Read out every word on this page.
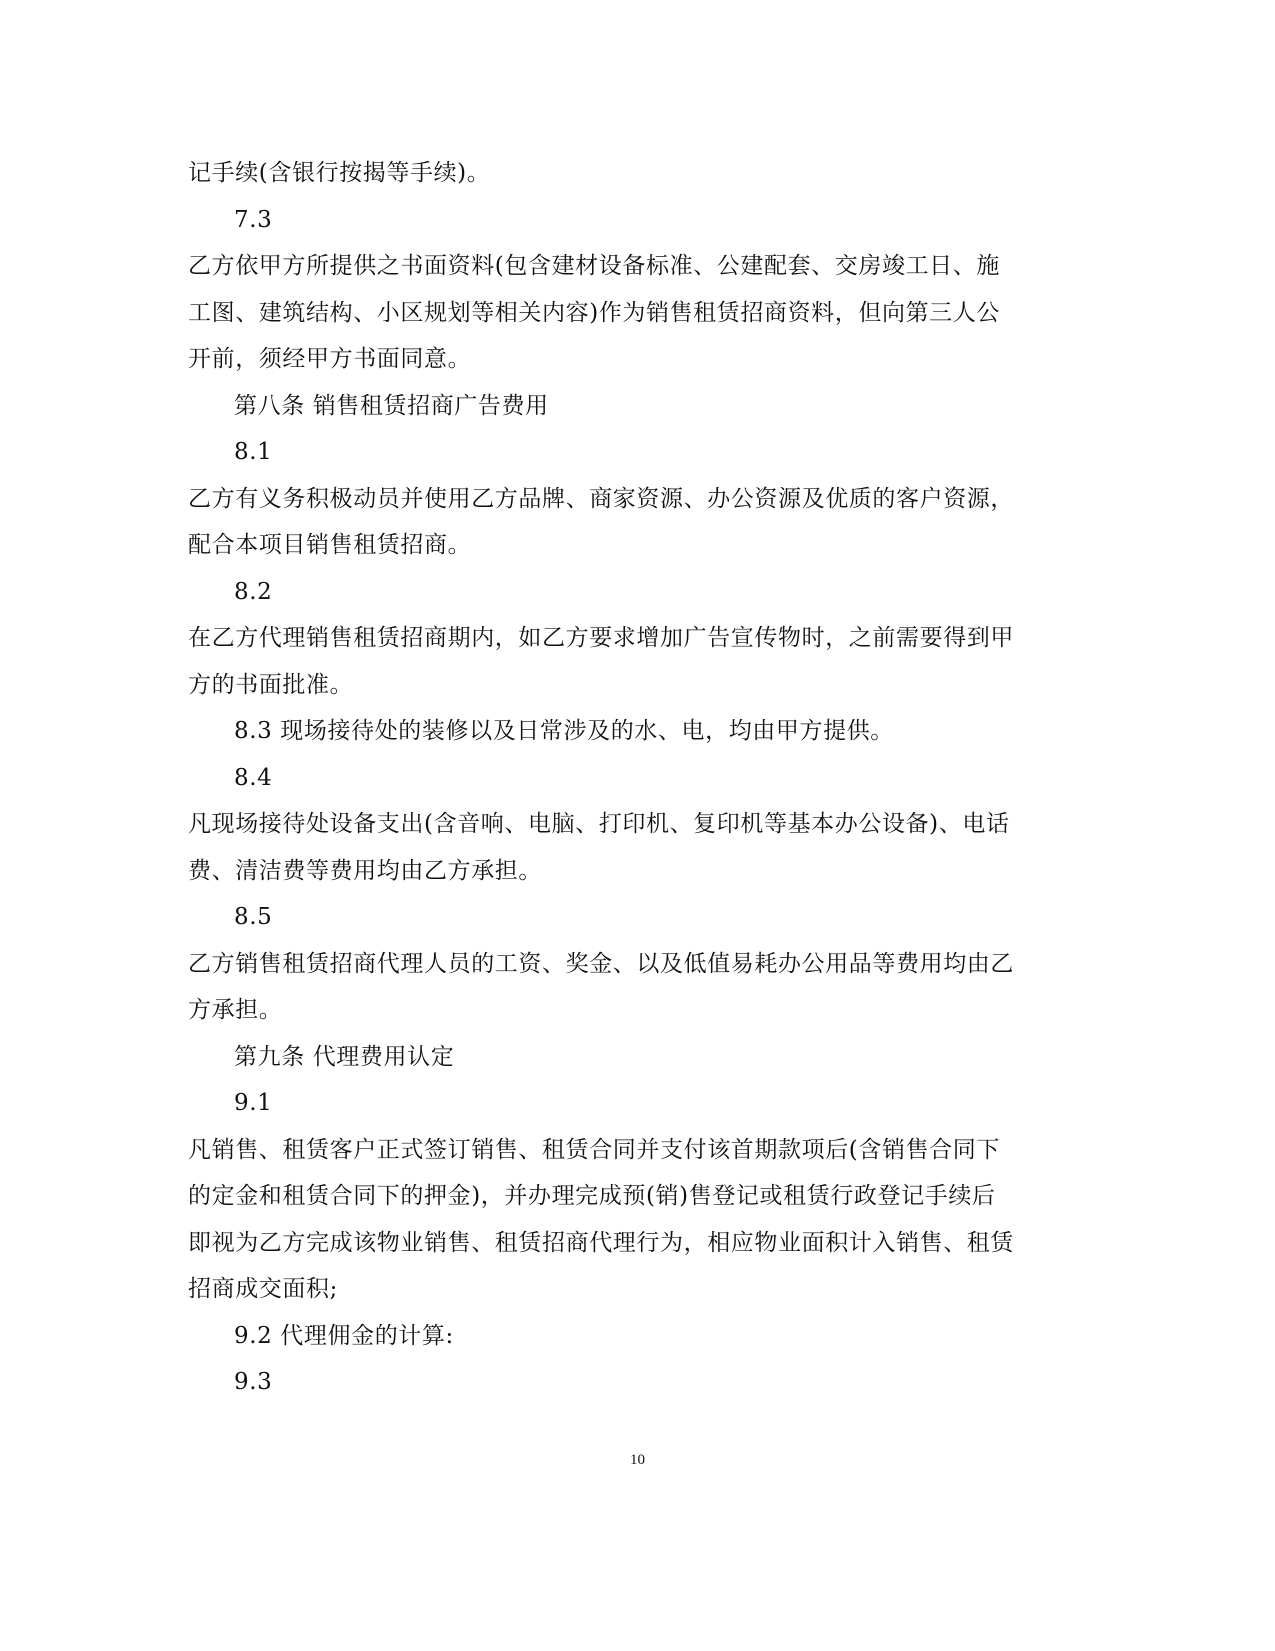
记手续(含银行按揭等手续)。
7.3
乙方依甲方所提供之书面资料(包含建材设备标准、公建配套、交房竣工日、施
工图、建筑结构、小区规划等相关内容)作为销售租赁招商资料，但向第三人公
开前，须经甲方书面同意。
第八条 销售租赁招商广告费用
8.1
乙方有义务积极动员并使用乙方品牌、商家资源、办公资源及优质的客户资源，
配合本项目销售租赁招商。
8.2
在乙方代理销售租赁招商期内，如乙方要求增加广告宣传物时，之前需要得到甲
方的书面批准。
8.3 现场接待处的装修以及日常涉及的水、电，均由甲方提供。
8.4
凡现场接待处设备支出(含音响、电脑、打印机、复印机等基本办公设备)、电话
费、清洁费等费用均由乙方承担。
8.5
乙方销售租赁招商代理人员的工资、奖金、以及低值易耗办公用品等费用均由乙
方承担。
第九条 代理费用认定
9.1
凡销售、租赁客户正式签订销售、租赁合同并支付该首期款项后(含销售合同下
的定金和租赁合同下的押金)，并办理完成预(销)售登记或租赁行政登记手续后
即视为乙方完成该物业销售、租赁招商代理行为，相应物业面积计入销售、租赁
招商成交面积;
9.2 代理佣金的计算:
9.3
10
